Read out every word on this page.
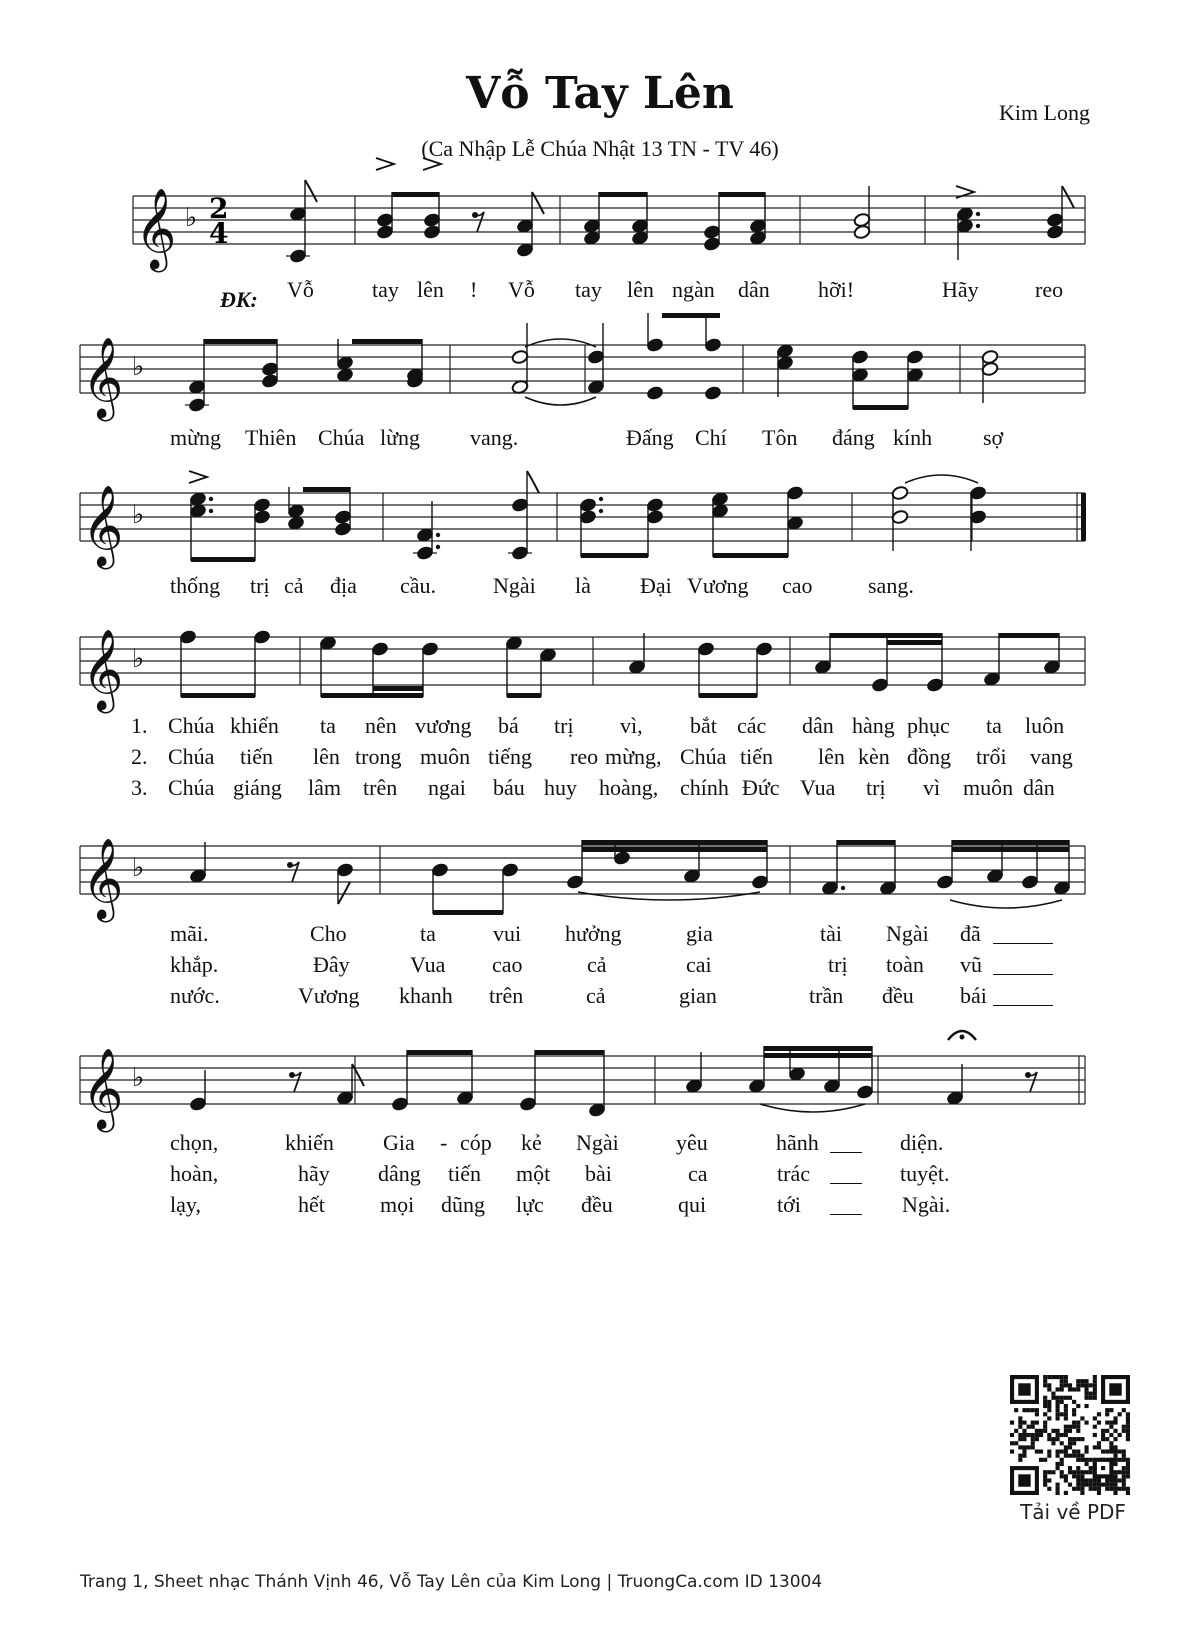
Vỗ Tay Lên
(Ca Nhập Lễ Chúa Nhật 13 TN - TV 46)
Kim Long
𝄞 ♭ 2
4
𝄞 ♭
𝄞 ♭
𝄞 ♭
𝄞 ♭
𝄞 ♭
ĐK: Vỗ	tay lên ! Vỗ tay lên ngàn dân hỡi!	Hãy	reo
mừng Thiên Chúa lừng vang.	Đấng Chí Tôn đáng kính sợ
thống trị cả địa cầu.	Ngài là Đại Vương cao	sang.
1.
2.
3.
Chúa khiến ta nên vương bá trị vì, bắt các dân hàng phục ta luôn
Chúa tiến lên trong muôn tiếng reo mừng, Chúa tiến lên kèn đồng trổi vang
Chúa giáng lâm trên ngai báu huy hoàng, chính Đức Vua trị vì muôn dân
mãi.	Cho	ta	vui hưởng	gia	tài Ngài đã
khắp.	Đây	Vua cao	cả	cai	trị toàn vũ
nước.	Vương khanh trên	cả	gian	trần đều bái
chọn,	khiến Gia - cóp kẻ Ngài	yêu	hãnh	diện.
hoàn,	hãy dâng tiến một bài	ca	trác	tuyệt.
lạy,	hết	mọi dũng lực đều	qui	tới	Ngài.
Tải về PDF
Trang 1, Sheet nhạc Thánh Vịnh 46, Vỗ Tay Lên của Kim Long | TruongCa.com ID 13004
